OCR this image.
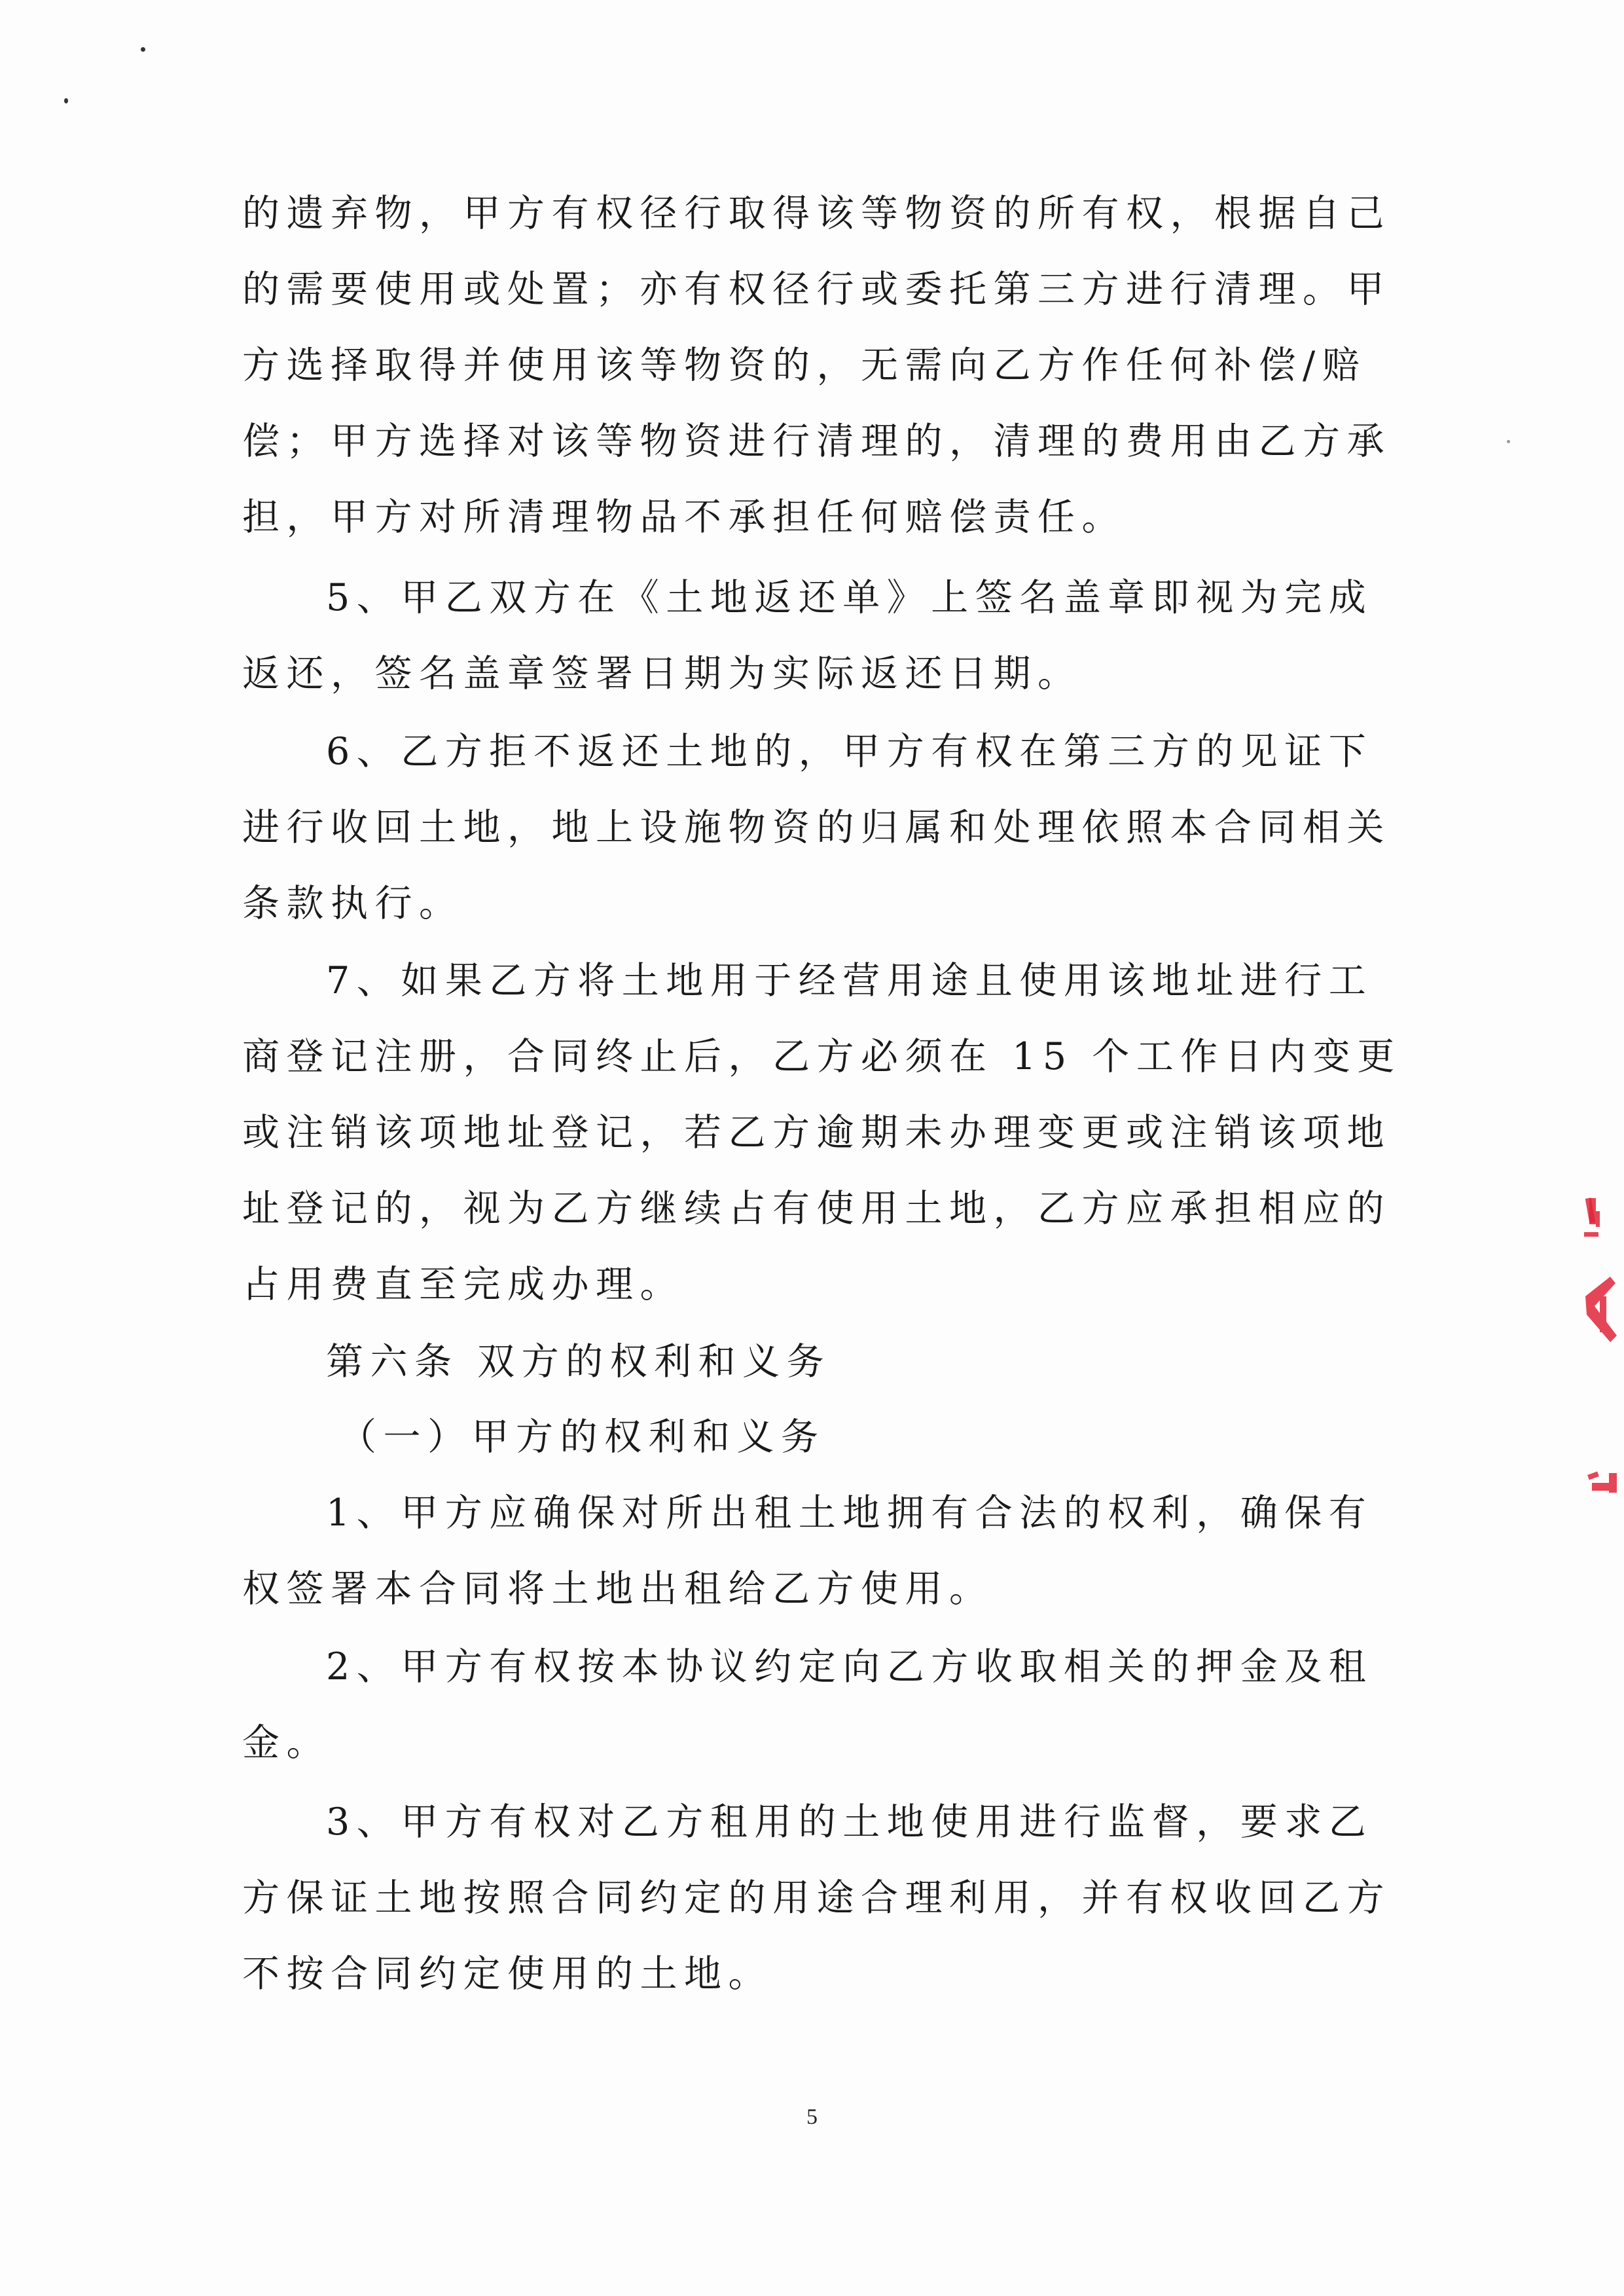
的遗弃物，甲方有权径行取得该等物资的所有权，根据自己
的需要使用或处置；亦有权径行或委托第三方进行清理。甲
方选择取得并使用该等物资的，无需向乙方作任何补偿/赔
偿；甲方选择对该等物资进行清理的，清理的费用由乙方承
担，甲方对所清理物品不承担任何赔偿责任。
5、甲乙双方在《土地返还单》上签名盖章即视为完成
返还，签名盖章签署日期为实际返还日期。
6、乙方拒不返还土地的，甲方有权在第三方的见证下
进行收回土地，地上设施物资的归属和处理依照本合同相关
条款执行。
7、如果乙方将土地用于经营用途且使用该地址进行工
商登记注册，合同终止后，乙方必须在 15 个工作日内变更
或注销该项地址登记，若乙方逾期未办理变更或注销该项地
址登记的，视为乙方继续占有使用土地，乙方应承担相应的
占用费直至完成办理。
第六条 双方的权利和义务
（一）甲方的权利和义务
1、甲方应确保对所出租土地拥有合法的权利，确保有
权签署本合同将土地出租给乙方使用。
2、甲方有权按本协议约定向乙方收取相关的押金及租
金。
3、甲方有权对乙方租用的土地使用进行监督，要求乙
方保证土地按照合同约定的用途合理利用，并有权收回乙方
不按合同约定使用的土地。
5
